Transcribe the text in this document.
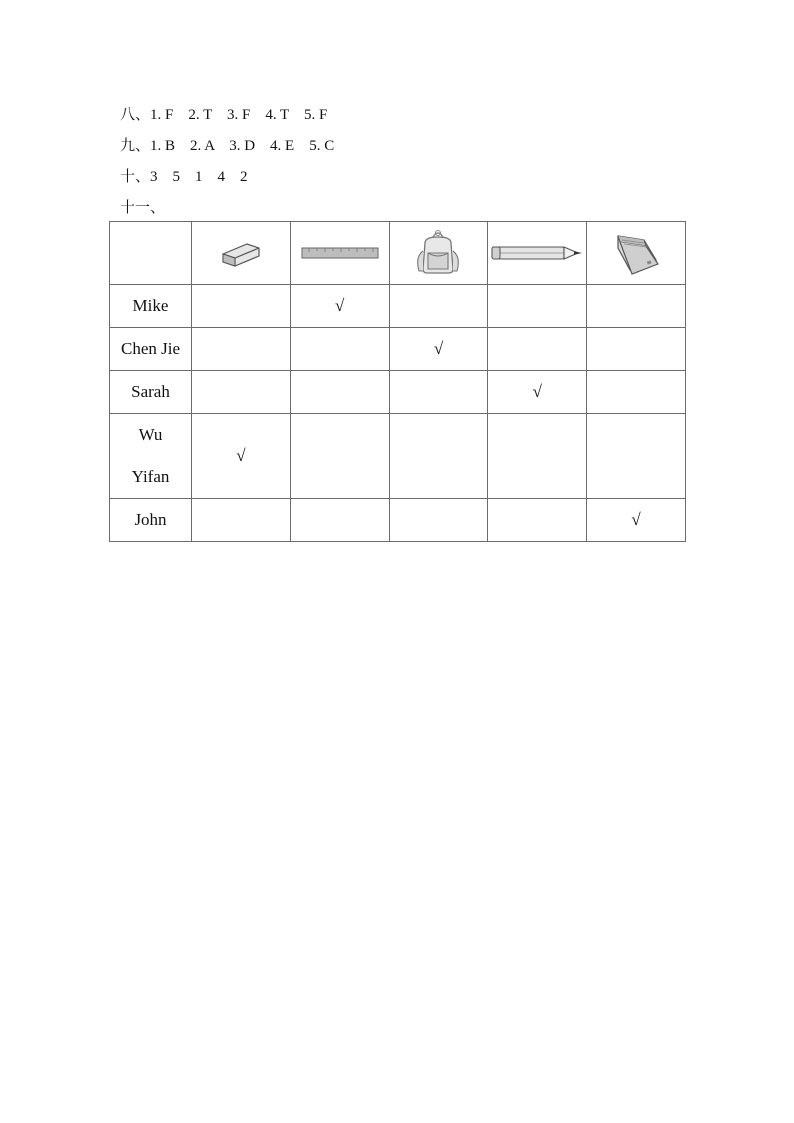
八、1. F    2. T    3. F    4. T    5. F
九、1. B    2. A    3. D    4. E    5. C
十、3    5    1    4    2
十一、

Mike		√			
Chen Jie			√		
Sarah				√	

Wu
Yifan	√				
John					√
